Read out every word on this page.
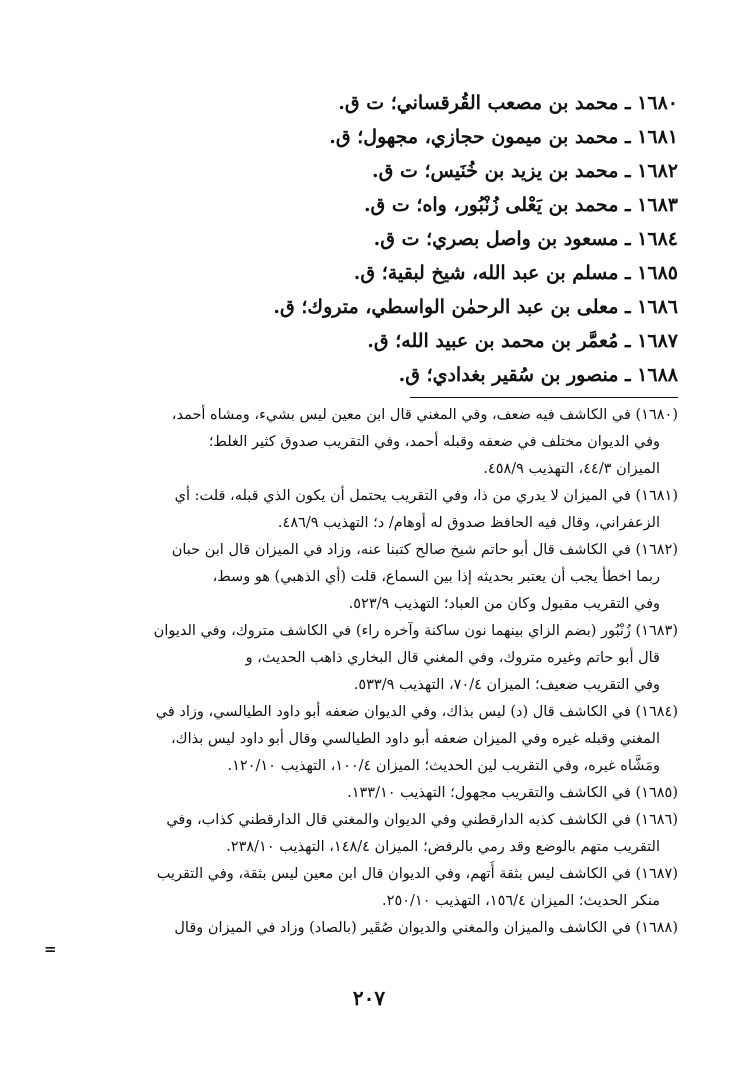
١٦٨٠ ـ محمد بن مصعب القُرقساني؛ ت ق.
١٦٨١ ـ محمد بن ميمون حجازي، مجهول؛ ق.
١٦٨٢ ـ محمد بن يزيد بن خُنَيس؛ ت ق.
١٦٨٣ ـ محمد بن يَعْلى زُنْبُور، واه؛ ت ق.
١٦٨٤ ـ مسعود بن واصل بصري؛ ت ق.
١٦٨٥ ـ مسلم بن عبد الله، شيخ لبقية؛ ق.
١٦٨٦ ـ معلى بن عبد الرحمٰن الواسطي، متروك؛ ق.
١٦٨٧ ـ مُعمَّر بن محمد بن عبيد الله؛ ق.
١٦٨٨ ـ منصور بن سُقير بغدادي؛ ق.
(١٦٨٠) في الكاشف فيه ضعف، وفي المغني قال ابن معين ليس بشيء، ومشاه أحمد،
وفي الديوان مختلف في ضعفه وقبله أحمد، وفي التقريب صدوق كثير الغلط؛
الميزان ٤٤/٣، التهذيب ٤٥٨/٩.
(١٦٨١) في الميزان لا يدري من ذا، وفي التقريب يحتمل أن يكون الذي قبله، قلت: أي
الزعفراني، وقال فيه الحافظ صدوق له أوهام/ د؛ التهذيب ٤٨٦/٩.
(١٦٨٢) في الكاشف قال أبو حاتم شيخ صالح كتبنا عنه، وزاد في الميزان قال ابن حبان
ربما اخطأ يجب أن يعتبر بحديثه إذا بين السماع، قلت (أي الذهبي) هو وسط،
وفي التقريب مقبول وكان من العباد؛ التهذيب ٥٢٣/٩.
(١٦٨٣) زُنْبُور (بضم الزاي بينهما نون ساكنة وآخره راء) في الكاشف متروك، وفي الديوان
قال أبو حاتم وغيره متروك، وفي المغني قال البخاري ذاهب الحديث، و
وفي التقريب ضعيف؛ الميزان ٧٠/٤، التهذيب ٥٣٣/٩.
(١٦٨٤) في الكاشف قال (د) ليس بذاك، وفي الديوان ضعفه أبو داود الطيالسي، وزاد في
المغني وقبله غيره وفي الميزان ضعفه أبو داود الطيالسي وقال أبو داود ليس بذاك،
ومَشَّاه غيره، وفي التقريب لين الحديث؛ الميزان ١٠٠/٤، التهذيب ١٢٠/١٠.
(١٦٨٥) في الكاشف والتقريب مجهول؛ التهذيب ١٣٣/١٠.
(١٦٨٦) في الكاشف كذبه الدارقطني وفي الديوان والمغني قال الدارقطني كذاب، وفي
التقريب متهم بالوضع وقد رمي بالرفض؛ الميزان ١٤٨/٤، التهذيب ٢٣٨/١٠.
(١٦٨٧) في الكاشف ليس بثقة أُتهم، وفي الديوان قال ابن معين ليس بثقة، وفي التقريب
منكر الحديث؛ الميزان ١٥٦/٤، التهذيب ٢٥٠/١٠.
(١٦٨٨) في الكاشف والميزان والمغني والديوان صُقَير (بالصاد) وزاد في الميزان وقال
=
٢٠٧
